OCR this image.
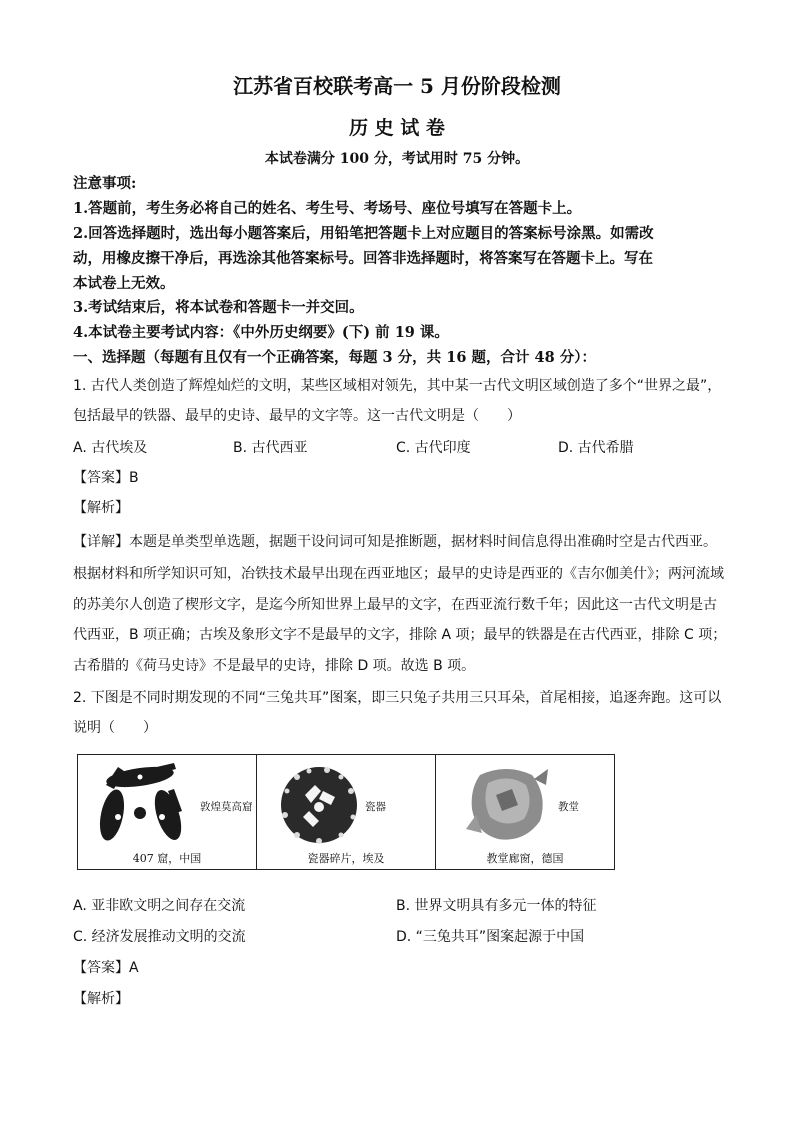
江苏省百校联考高一 5 月份阶段检测
历 史 试 卷
本试卷满分 100 分，考试用时 75 分钟。
注意事项:
1.答题前，考生务必将自己的姓名、考生号、考场号、座位号填写在答题卡上。
2.回答选择题时，选出每小题答案后，用铅笔把答题卡上对应题目的答案标号涂黑。如需改
动，用橡皮擦干净后，再选涂其他答案标号。回答非选择题时，将答案写在答题卡上。写在
本试卷上无效。
3.考试结束后，将本试卷和答题卡一并交回。
4.本试卷主要考试内容：《中外历史纲要》(下) 前 19 课。
一、选择题（每题有且仅有一个正确答案，每题 3 分，共 16 题，合计 48 分）：
1. 古代人类创造了辉煌灿烂的文明，某些区域相对领先，其中某一古代文明区域创造了多个“世界之最”，
包括最早的铁器、最早的史诗、最早的文字等。这一古代文明是（　　）
A. 古代埃及	B. 古代西亚	C. 古代印度	D. 古代希腊
【答案】B
【解析】
【详解】本题是单类型单选题，据题干设问词可知是推断题，据材料时间信息得出准确时空是古代西亚。
根据材料和所学知识可知，冶铁技术最早出现在西亚地区；最早的史诗是西亚的《吉尔伽美什》；两河流域
的苏美尔人创造了楔形文字，是迄今所知世界上最早的文字，在西亚流行数千年；因此这一古代文明是古
代西亚，B 项正确；古埃及象形文字不是最早的文字，排除 A 项；最早的铁器是在古代西亚，排除 C 项；
古希腊的《荷马史诗》不是最早的史诗，排除 D 项。故选 B 项。
2. 下图是不同时期发现的不同“三兔共耳”图案，即三只兔子共用三只耳朵，首尾相接，追逐奔跑。这可以
说明（　　）
敦煌莫高窟
407 窟，中国
瓷器
瓷器碎片，埃及
教堂
教堂廊窗，德国
A. 亚非欧文明之间存在交流	B. 世界文明具有多元一体的特征
C. 经济发展推动文明的交流	D. “三兔共耳”图案起源于中国
【答案】A
【解析】
